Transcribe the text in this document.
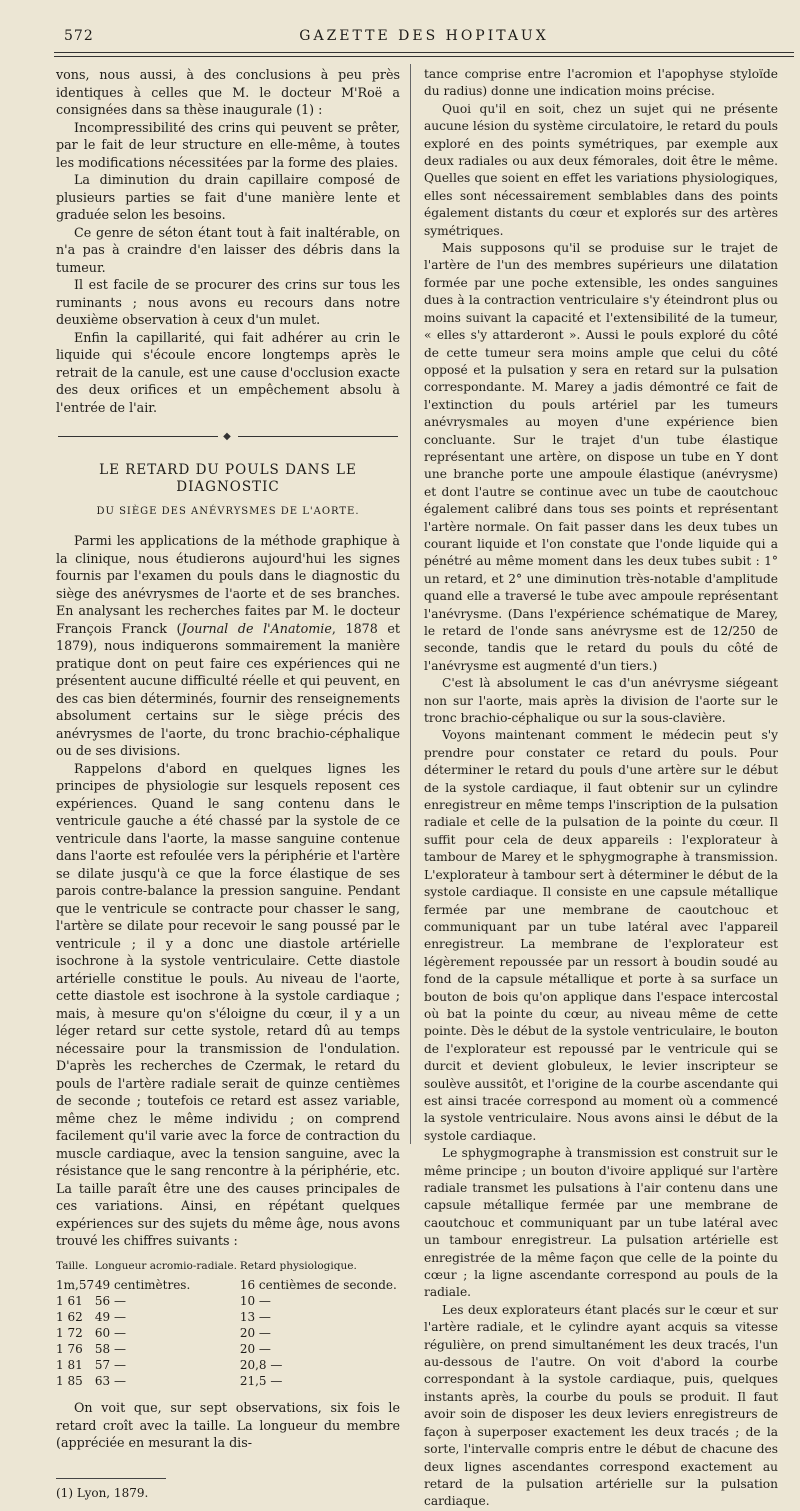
GAZETTE DES HOPITAUX
572

vons, nous aussi, à des conclusions à peu près identiques à celles que M. le docteur M'Roë a consignées dans sa thèse inaugurale (1) :

Incompressibilité des crins qui peuvent se prêter, par le fait de leur structure en elle-même, à toutes les modifications nécessitées par la forme des plaies.

La diminution du drain capillaire composé de plusieurs parties se fait d'une manière lente et graduée selon les besoins.

Ce genre de séton étant tout à fait inaltérable, on n'a pas à craindre d'en laisser des débris dans la tumeur.

Il est facile de se procurer des crins sur tous les ruminants ; nous avons eu recours dans notre deuxième observation à ceux d'un mulet.

Enfin la capillarité, qui fait adhérer au crin le liquide qui s'écoule encore longtemps après le retrait de la canule, est une cause d'occlusion exacte des deux orifices et un empêchement absolu à l'entrée de l'air.

◆
LE RETARD DU POULS DANS LE DIAGNOSTIC
DU SIÈGE DES ANÉVRYSMES DE L'AORTE.

Parmi les applications de la méthode graphique à la clinique, nous étudierons aujourd'hui les signes fournis par l'examen du pouls dans le diagnostic du siège des anévrysmes de l'aorte et de ses branches. En analysant les recherches faites par M. le docteur François Franck (Journal de l'Anatomie, 1878 et 1879), nous indiquerons sommairement la manière pratique dont on peut faire ces expériences qui ne présentent aucune difficulté réelle et qui peuvent, en des cas bien déterminés, fournir des renseignements absolument certains sur le siège précis des anévrysmes de l'aorte, du tronc brachio-céphalique ou de ses divisions.

Rappelons d'abord en quelques lignes les principes de physiologie sur lesquels reposent ces expériences. Quand le sang contenu dans le ventricule gauche a été chassé par la systole de ce ventricule dans l'aorte, la masse sanguine contenue dans l'aorte est refoulée vers la périphérie et l'artère se dilate jusqu'à ce que la force élastique de ses parois contre-balance la pression sanguine. Pendant que le ventricule se contracte pour chasser le sang, l'artère se dilate pour recevoir le sang poussé par le ventricule ; il y a donc une diastole artérielle isochrone à la systole ventriculaire. Cette diastole artérielle constitue le pouls. Au niveau de l'aorte, cette diastole est isochrone à la systole cardiaque ; mais, à mesure qu'on s'éloigne du cœur, il y a un léger retard sur cette systole, retard dû au temps nécessaire pour la transmission de l'ondulation. D'après les recherches de Czermak, le retard du pouls de l'artère radiale serait de quinze centièmes de seconde ; toutefois ce retard est assez variable, même chez le même individu ; on comprend facilement qu'il varie avec la force de contraction du muscle cardiaque, avec la tension sanguine, avec la résistance que le sang rencontre à la périphérie, etc. La taille paraît être une des causes principales de ces variations. Ainsi, en répétant quelques expériences sur des sujets du même âge, nous avons trouvé les chiffres suivants :

Taille.	Longueur acromio-radiale.	Retard physiologique.
1m,57	49 centimètres.	16 centièmes de seconde.
1 61	56 —	10 —
1 62	49 —	13 —
1 72	60 —	20 —
1 76	58 —	20 —
1 81	57 —	20,8 —
1 85	63 —	21,5 —

On voit que, sur sept observations, six fois le retard croît avec la taille. La longueur du membre (appréciée en mesurant la dis-

(1) Lyon, 1879.

tance comprise entre l'acromion et l'apophyse styloïde du radius) donne une indication moins précise.

Quoi qu'il en soit, chez un sujet qui ne présente aucune lésion du système circulatoire, le retard du pouls exploré en des points symétriques, par exemple aux deux radiales ou aux deux fémorales, doit être le même. Quelles que soient en effet les variations physiologiques, elles sont nécessairement semblables dans des points également distants du cœur et explorés sur des artères symétriques.

Mais supposons qu'il se produise sur le trajet de l'artère de l'un des membres supérieurs une dilatation formée par une poche extensible, les ondes sanguines dues à la contraction ventriculaire s'y éteindront plus ou moins suivant la capacité et l'extensibilité de la tumeur, « elles s'y attarderont ». Aussi le pouls exploré du côté de cette tumeur sera moins ample que celui du côté opposé et la pulsation y sera en retard sur la pulsation correspondante. M. Marey a jadis démontré ce fait de l'extinction du pouls artériel par les tumeurs anévrysmales au moyen d'une expérience bien concluante. Sur le trajet d'un tube élastique représentant une artère, on dispose un tube en Y dont une branche porte une ampoule élastique (anévrysme) et dont l'autre se continue avec un tube de caoutchouc également calibré dans tous ses points et représentant l'artère normale. On fait passer dans les deux tubes un courant liquide et l'on constate que l'onde liquide qui a pénétré au même moment dans les deux tubes subit : 1° un retard, et 2° une diminution très-notable d'amplitude quand elle a traversé le tube avec ampoule représentant l'anévrysme. (Dans l'expérience schématique de Marey, le retard de l'onde sans anévrysme est de 12/250 de seconde, tandis que le retard du pouls du côté de l'anévrysme est augmenté d'un tiers.)

C'est là absolument le cas d'un anévrysme siégeant non sur l'aorte, mais après la division de l'aorte sur le tronc brachio-céphalique ou sur la sous-clavière.

Voyons maintenant comment le médecin peut s'y prendre pour constater ce retard du pouls. Pour déterminer le retard du pouls d'une artère sur le début de la systole cardiaque, il faut obtenir sur un cylindre enregistreur en même temps l'inscription de la pulsation radiale et celle de la pulsation de la pointe du cœur. Il suffit pour cela de deux appareils : l'explorateur à tambour de Marey et le sphygmographe à transmission. L'explorateur à tambour sert à déterminer le début de la systole cardiaque. Il consiste en une capsule métallique fermée par une membrane de caoutchouc et communiquant par un tube latéral avec l'appareil enregistreur. La membrane de l'explorateur est légèrement repoussée par un ressort à boudin soudé au fond de la capsule métallique et porte à sa surface un bouton de bois qu'on applique dans l'espace intercostal où bat la pointe du cœur, au niveau même de cette pointe. Dès le début de la systole ventriculaire, le bouton de l'explorateur est repoussé par le ventricule qui se durcit et devient globuleux, le levier inscripteur se soulève aussitôt, et l'origine de la courbe ascendante qui est ainsi tracée correspond au moment où a commencé la systole ventriculaire. Nous avons ainsi le début de la systole cardiaque.

Le sphygmographe à transmission est construit sur le même principe ; un bouton d'ivoire appliqué sur l'artère radiale transmet les pulsations à l'air contenu dans une capsule métallique fermée par une membrane de caoutchouc et communiquant par un tube latéral avec un tambour enregistreur. La pulsation artérielle est enregistrée de la même façon que celle de la pointe du cœur ; la ligne ascendante correspond au pouls de la radiale.

Les deux explorateurs étant placés sur le cœur et sur l'artère radiale, et le cylindre ayant acquis sa vitesse régulière, on prend simultanément les deux tracés, l'un au-dessous de l'autre. On voit d'abord la courbe correspondant à la systole cardiaque, puis, quelques instants après, la courbe du pouls se produit. Il faut avoir soin de disposer les deux leviers enregistreurs de façon à superposer exactement les deux tracés ; de la sorte, l'intervalle compris entre le début de chacune des deux lignes ascendantes correspond exactement au retard de la pulsation artérielle sur la pulsation cardiaque.
